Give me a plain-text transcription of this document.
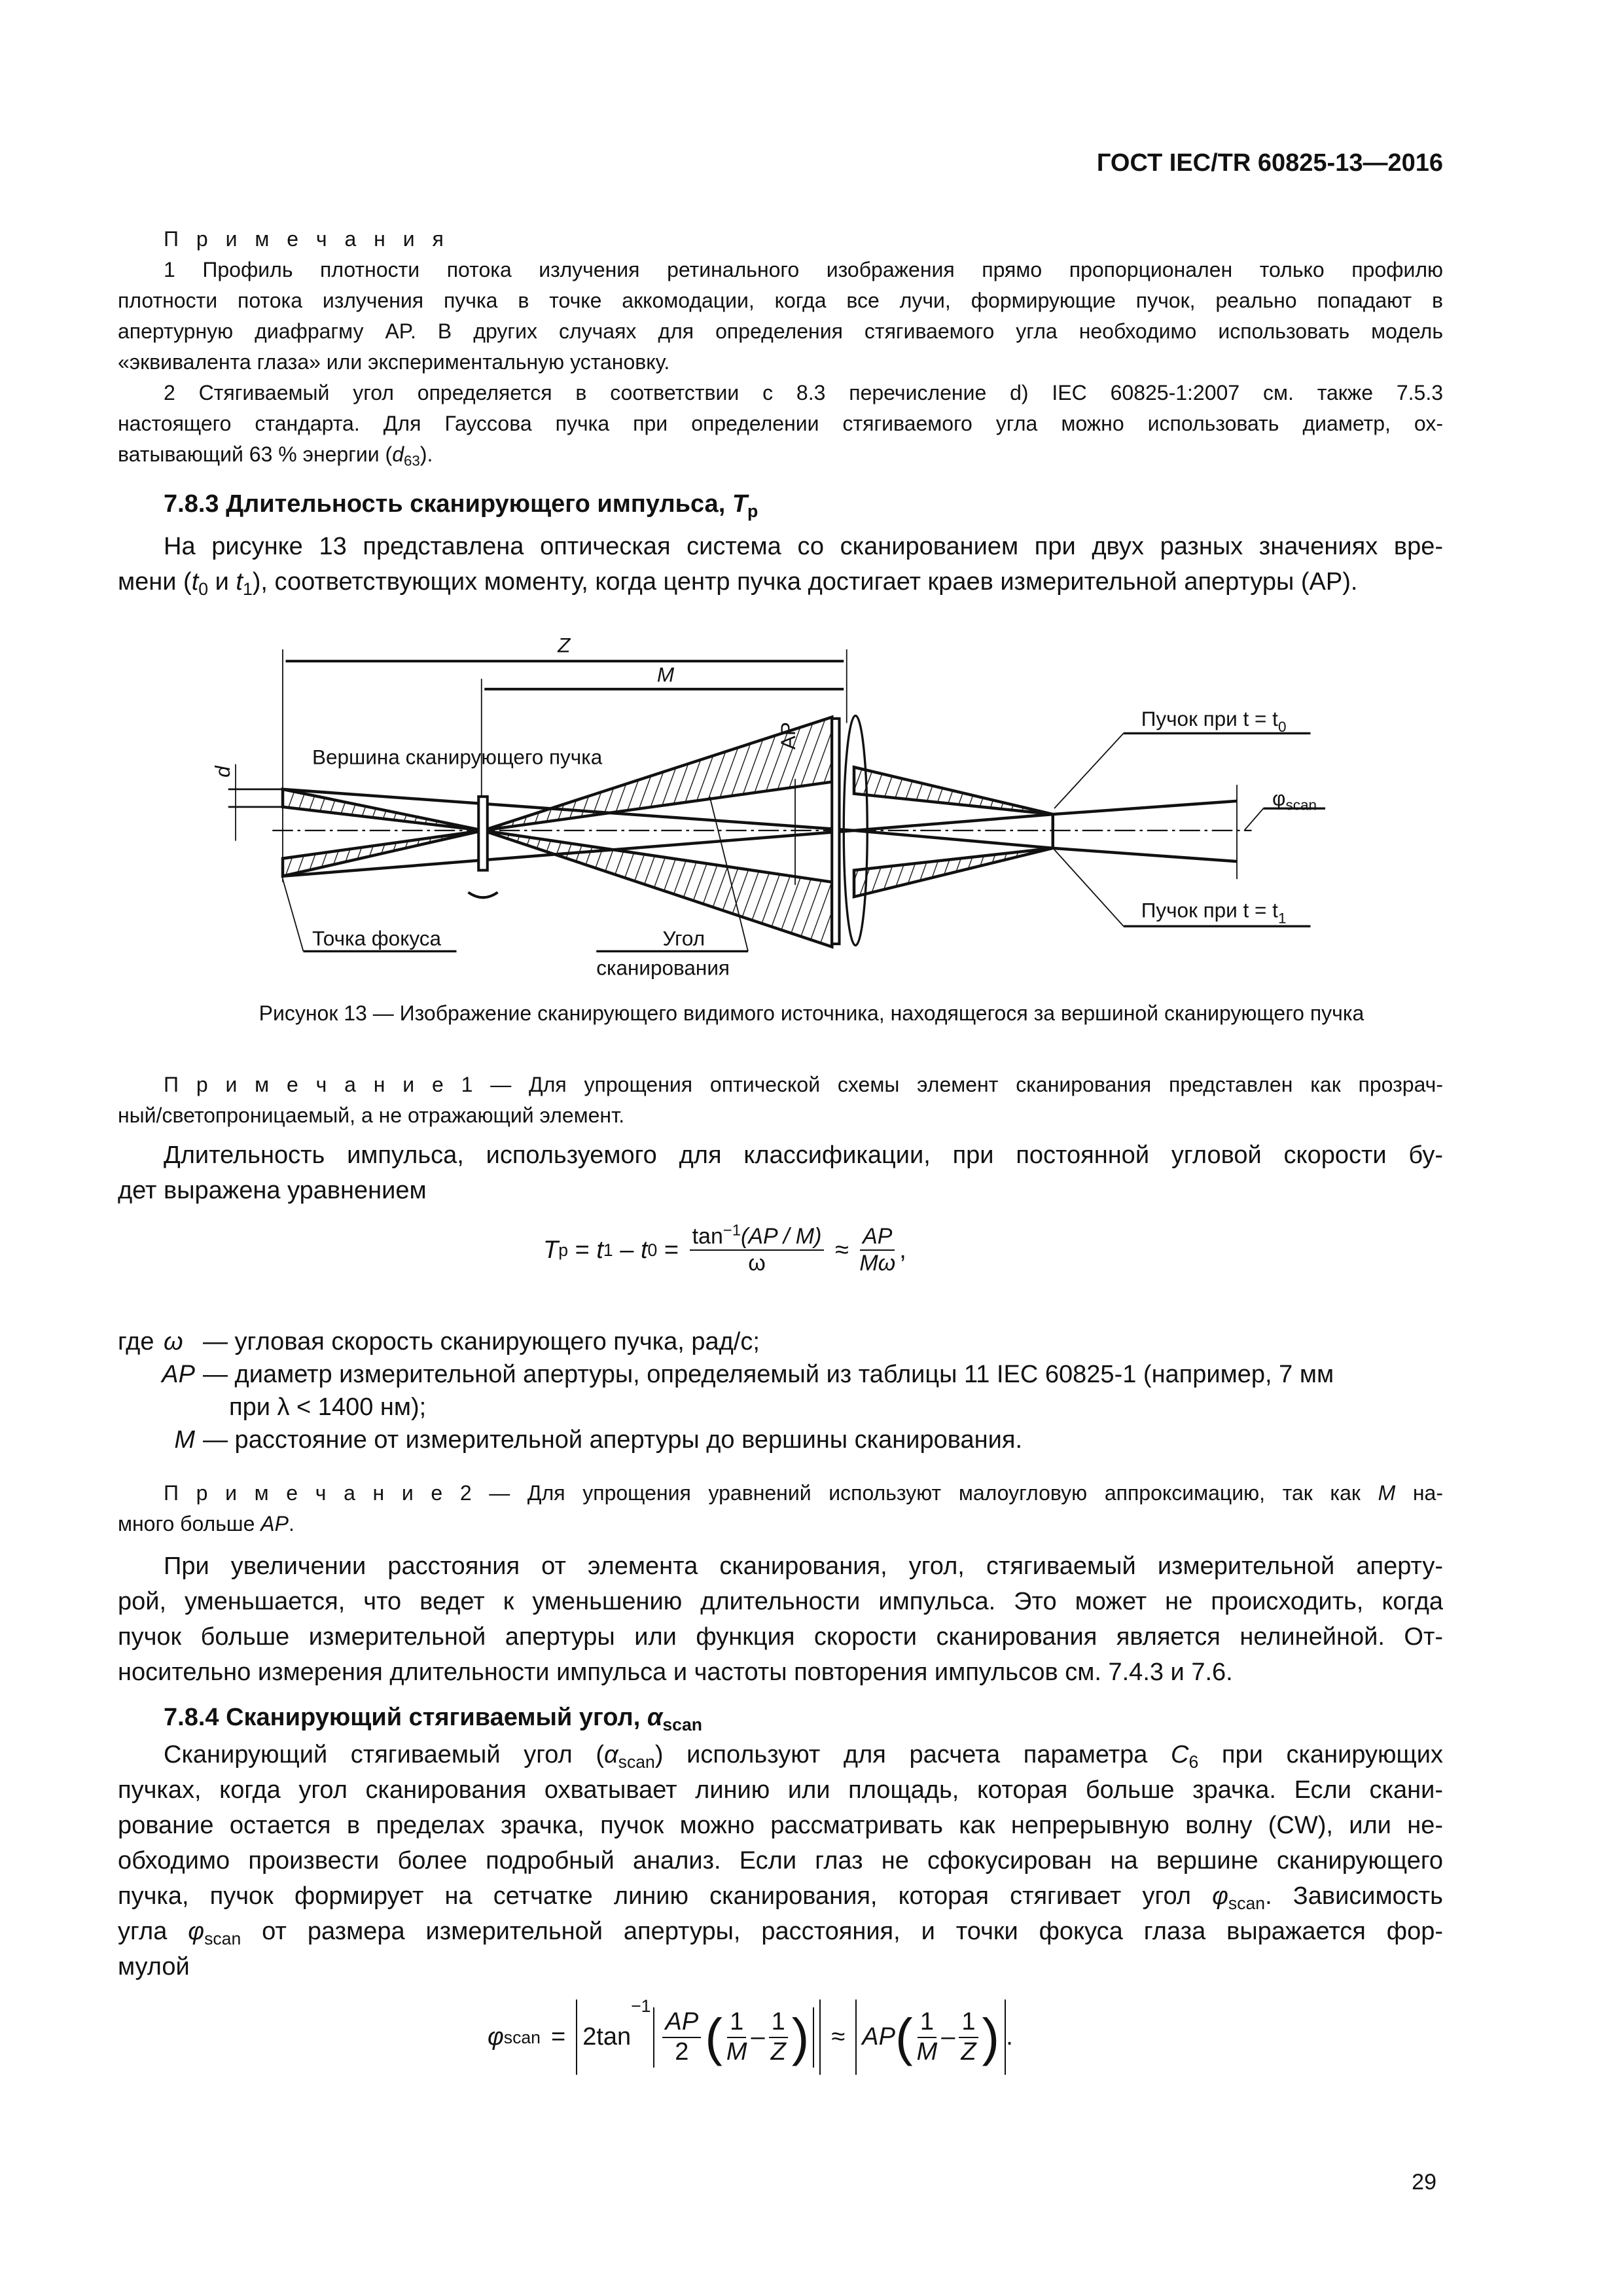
ГОСТ IEC/TR 60825-13—2016
П р и м е ч а н и я
1 Профиль плотности потока излучения ретинального изображения прямо пропорционален только профилю
плотности потока излучения пучка в точке аккомодации, когда все лучи, формирующие пучок, реально попадают в
апертурную диафрагму AP. В других случаях для определения стягиваемого угла необходимо использовать модель
«эквивалента глаза» или экспериментальную установку.
2 Стягиваемый угол определяется в соответствии с 8.3 перечисление d) IEC 60825-1:2007 см. также 7.5.3
настоящего стандарта. Для Гауссова пучка при определении стягиваемого угла можно использовать диаметр, ох-
ватывающий 63 % энергии $(d_{63})$.
7.8.3 Длительность сканирующего импульса, $T_p$
На рисунке 13 представлена оптическая система со сканированием при двух разных значениях вре-
мени ($t_0$ и $t_1$), соответствующих моменту, когда центр пучка достигает краев измерительной апертуры (AP).
Z
M
d
AP
Вершина сканирующего пучка
Пучок при $t = t_0$
Пучок при $t = t_1$
$\varphi_{scan}$
Точка фокуса	Угол
сканирования
Рисунок 13 — Изображение сканирующего видимого источника, находящегося за вершиной сканирующего пучка
П р и м е ч а н и е 1 — Для упрощения оптической схемы элемент сканирования представлен как прозрач-
ный/светопроницаемый, а не отражающий элемент.
Длительность импульса, используемого для классификации, при постоянной угловой скорости бу-
дет выражена уравнением
T p = t 1 – t $0 = \frac{\tan^{-1}(AP / M)}{\omega} \approx \frac{AP}{M\omega}$ ,
где ω — угловая скорость сканирующего пучка, рад/с;
AP — диаметр измерительной апертуры, определяемый из таблицы 11 IEC 60825-1 (например, 7 мм
при λ < 1400 нм);
M — расстояние от измерительной апертуры до вершины сканирования.
П р и м е ч а н и е 2 — Для упрощения уравнений используют малоугловую аппроксимацию, так как M на-
много больше AP.
При увеличении расстояния от элемента сканирования, угол, стягиваемый измерительной аперту-
рой, уменьшается, что ведет к уменьшению длительности импульса. Это может не происходить, когда
пучок больше измерительной апертуры или функция скорости сканирования является нелинейной. От-
носительно измерения длительности импульса и частоты повторения импульсов см. 7.4.3 и 7.6.
7.8.4 Сканирующий стягиваемый угол, $\alpha_{scan}$
Сканирующий стягиваемый угол $(\alpha_{scan})$ используют для расчета параметра $C_6$ при сканирующих
пучках, когда угол сканирования охватывает линию или площадь, которая больше зрачка. Если скани-
рование остается в пределах зрачка, пучок можно рассматривать как непрерывную волну (CW), или не-
обходимо произвести более подробный анализ. Если глаз не сфокусирован на вершине сканирующего
пучка, пучок формирует на сетчатке линию сканирования, которая стягивает угол $\varphi_{scan}$. Зависимость
угла $\varphi_{scan}$ от размера измерительной апертуры, расстояния, и точки фокуса глаза выражается фор-
мулой
φ scan = 2tan
−1
$\frac{AP}{2}$ ( $\frac{1}{M} - \frac{1}{Z}$ ) ≈ AP ( $\frac{1}{M} - \frac{1}{Z}$ ) .
29
